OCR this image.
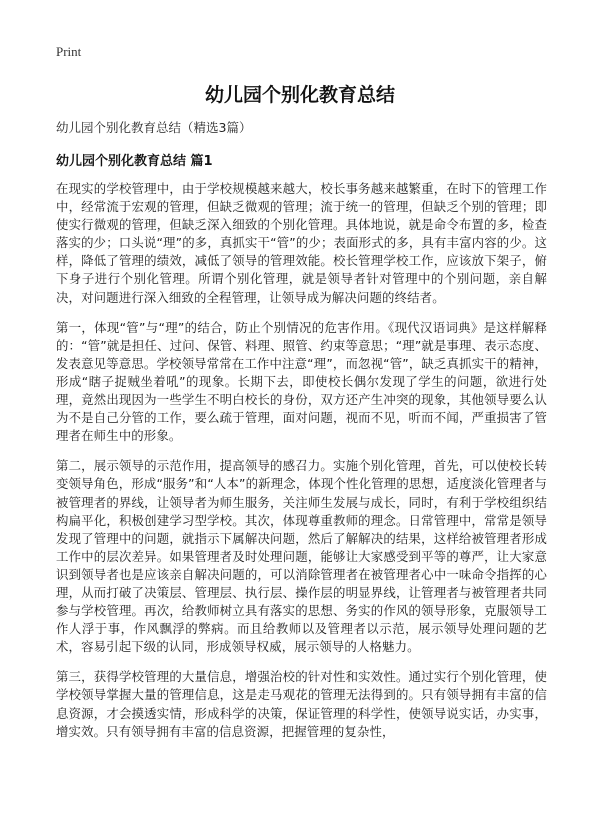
Print
幼儿园个别化教育总结
幼儿园个别化教育总结（精选3篇）
幼儿园个别化教育总结 篇1

在现实的学校管理中，由于学校规模越来越大，校长事务越来越繁重，在时下的管理工作中，经常流于宏观的管理，但缺乏微观的管理；流于统一的管理，但缺乏个别的管理；即使实行微观的管理，但缺乏深入细致的个别化管理。具体地说，就是命令布置的多，检查落实的少；口头说“理”的多，真抓实干“管”的少；表面形式的多，具有丰富内容的少。这样，降低了管理的绩效，减低了领导的管理效能。校长管理学校工作，应该放下架子，俯下身子进行个别化管理。所谓个别化管理，就是领导者针对管理中的个别问题，亲自解决，对问题进行深入细致的全程管理，让领导成为解决问题的终结者。

第一，体现“管”与“理”的结合，防止个别情况的危害作用。《现代汉语词典》是这样解释的：“管”就是担任、过问、保管、料理、照管、约束等意思；“理”就是事理、表示态度、发表意见等意思。学校领导常常在工作中注意“理”，而忽视“管”，缺乏真抓实干的精神，形成“瞎子捉贼坐着吼”的现象。长期下去，即使校长偶尔发现了学生的问题，欲进行处理，竟然出现因为一些学生不明白校长的身份，双方还产生冲突的现象，其他领导要么认为不是自己分管的工作，要么疏于管理，面对问题，视而不见，听而不闻，严重损害了管理者在师生中的形象。

第二，展示领导的示范作用，提高领导的感召力。实施个别化管理，首先，可以使校长转变领导角色，形成“服务”和“人本”的新理念，体现个性化管理的思想，适度淡化管理者与被管理者的界线，让领导者为师生服务，关注师生发展与成长，同时，有利于学校组织结构扁平化，积极创建学习型学校。其次，体现尊重教师的理念。日常管理中，常常是领导发现了管理中的问题，就指示下属解决问题，然后了解解决的结果，这样给被管理者形成工作中的层次差异。如果管理者及时处理问题，能够让大家感受到平等的尊严，让大家意识到领导者也是应该亲自解决问题的，可以消除管理者在被管理者心中一味命令指挥的心理，从而打破了决策层、管理层、执行层、操作层的明显界线，让管理者与被管理者共同参与学校管理。再次，给教师树立具有落实的思想、务实的作风的领导形象，克服领导工作人浮于事，作风飘浮的弊病。而且给教师以及管理者以示范，展示领导处理问题的艺术，容易引起下级的认同，形成领导权威，展示领导的人格魅力。

第三，获得学校管理的大量信息，增强治校的针对性和实效性。通过实行个别化管理，使学校领导掌握大量的管理信息，这是走马观花的管理无法得到的。只有领导拥有丰富的信息资源，才会摸透实情，形成科学的决策，保证管理的科学性，使领导说实话，办实事，增实效。只有领导拥有丰富的信息资源，把握管理的复杂性，
